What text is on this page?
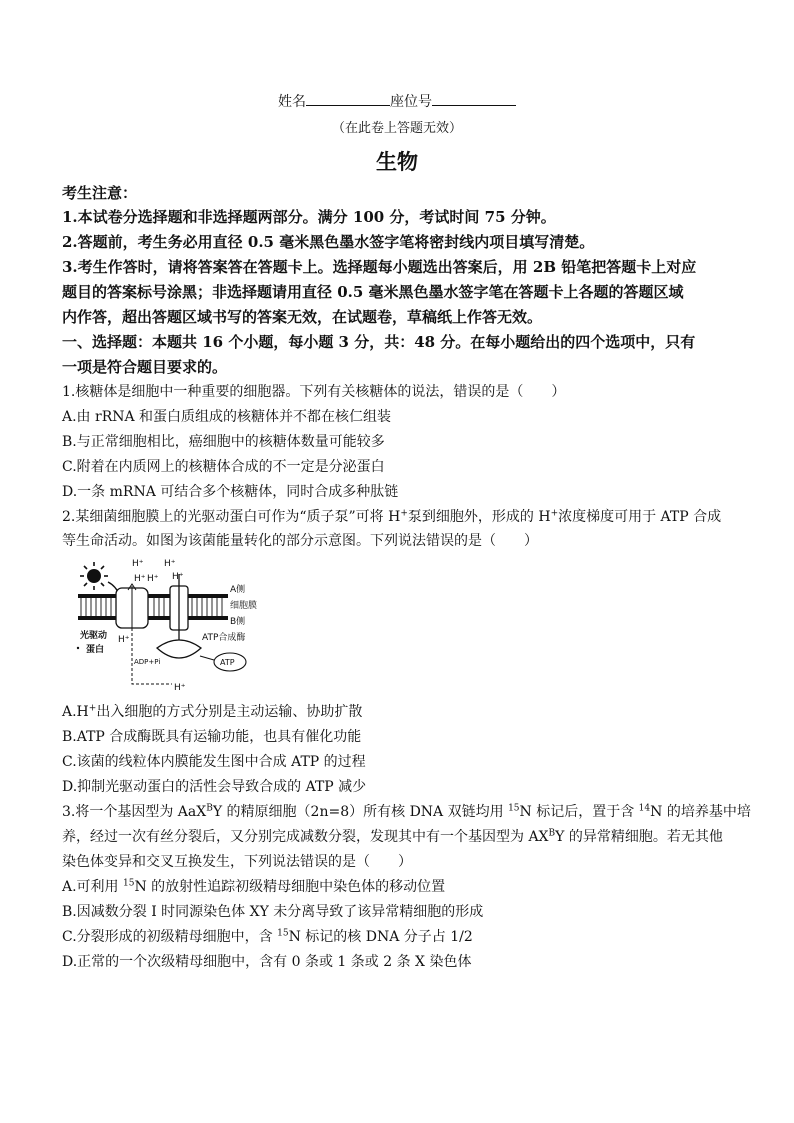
姓名	座位号
（在此卷上答题无效）
生物
考生注意：
1.本试卷分选择题和非选择题两部分。满分 100 分，考试时间 75 分钟。
2.答题前，考生务必用直径 0.5 毫米黑色墨水签字笔将密封线内项目填写清楚。
3.考生作答时，请将答案答在答题卡上。选择题每小题选出答案后，用 2B 铅笔把答题卡上对应
题目的答案标号涂黑；非选择题请用直径 0.5 毫米黑色墨水签字笔在答题卡上各题的答题区域
内作答，超出答题区域书写的答案无效，在试题卷，草稿纸上作答无效。
一、选择题：本题共 16 个小题，每小题 3 分，共：48 分。在每小题给出的四个选项中，只有
一项是符合题目要求的。
1.核糖体是细胞中一种重要的细胞器。下列有关核糖体的说法，错误的是（　　）
A.由 rRNA 和蛋白质组成的核糖体并不都在核仁组装
B.与正常细胞相比，癌细胞中的核糖体数量可能较多
C.附着在内质网上的核糖体合成的不一定是分泌蛋白
D.一条 mRNA 可结合多个核糖体，同时合成多种肽链
2.某细菌细胞膜上的光驱动蛋白可作为“质子泵”可将 H+泵到细胞外，形成的 H+浓度梯度可用于 ATP 合成
等生命活动。如图为该菌能量转化的部分示意图。下列说法错误的是（　　）
H⁺ H⁺
H⁺ H⁺ H⁺
H⁺
H⁺
A侧
细胞膜
B侧
光驱动
蛋白
ATP合成酶
ADP+Pi	ATP
A.H+出入细胞的方式分别是主动运输、协助扩散
B.ATP 合成酶既具有运输功能，也具有催化功能
C.该菌的线粒体内膜能发生图中合成 ATP 的过程
D.抑制光驱动蛋白的活性会导致合成的 ATP 减少
3.将一个基因型为 AaX$^B$Y 的精原细胞（2n=8）所有核 DNA 双链均用 $^{15}$N 标记后，置于含 $^{14}$N 的培养基中培
养，经过一次有丝分裂后，又分别完成减数分裂，发现其中有一个基因型为 $AX^BY$ 的异常精细胞。若无其他
染色体变异和交叉互换发生，下列说法错误的是（　　）
A.可利用 $^{15}$N 的放射性追踪初级精母细胞中染色体的移动位置
B.因减数分裂 I 时同源染色体 XY 未分离导致了该异常精细胞的形成
C.分裂形成的初级精母细胞中，含 $^{15}$N 标记的核 DNA 分子占 1/2
D.正常的一个次级精母细胞中，含有 0 条或 1 条或 2 条 X 染色体
